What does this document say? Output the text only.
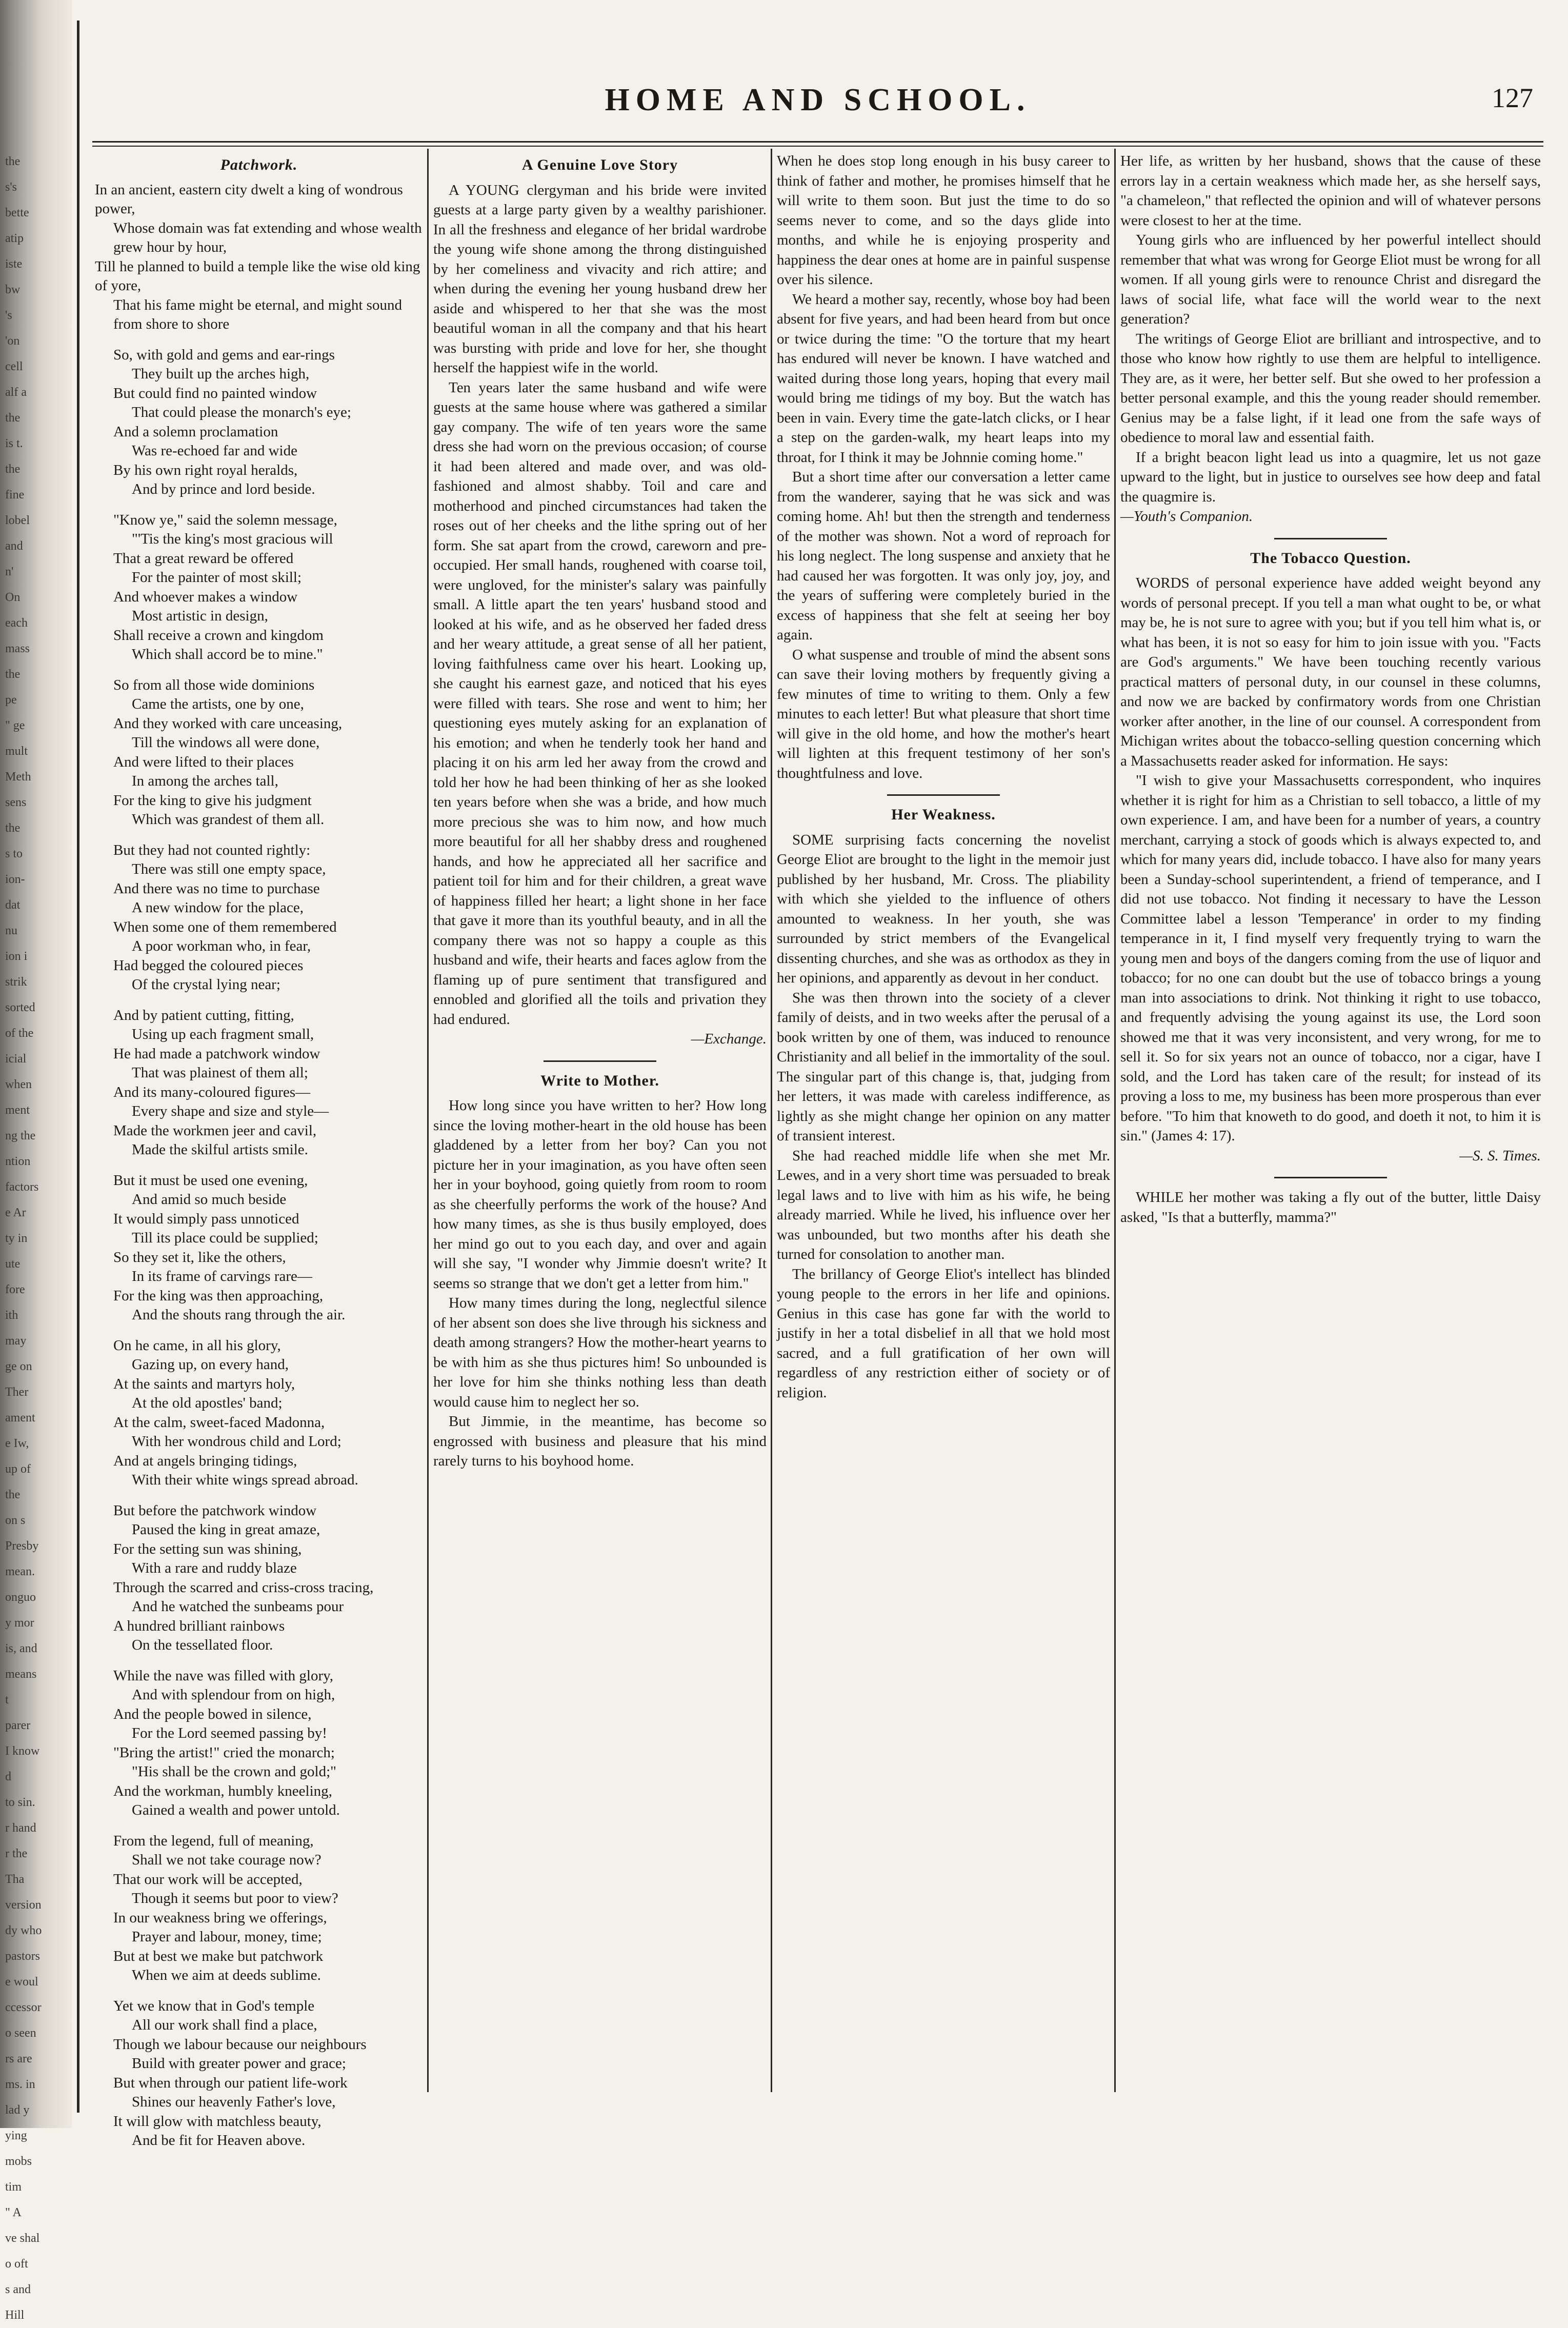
the
s's
bette
atip
iste
bw
's
'on
cell
alf a
the
is t.
the
fine
lobel
and
n'
On
each
mass
the
pe
" ge
mult
Meth
sens
the
s to
ion-
dat
nu
ion i
strik
sorted
of the
icial
when
ment
ng the
ntion
factors
e Ar
ty in
ute
fore
ith
may
ge on
Ther
ament
e Iw,
up of
the
on s
Presby
mean.
onguo
y mor
is, and
means
t
parer
I know
d
to sin.
r hand
r the
Tha
version
dy who
pastors
e woul
ccessor
o seen
rs are
ms. in
lad y
ying
mobs
tim
" A
ve shal
o oft
s and
Hill
HOME AND SCHOOL.	127
Patchwork.
In an ancient, eastern city dwelt a king of wondrous power,
Whose domain was fat extending and whose wealth grew hour by hour,
Till he planned to build a temple like the wise old king of yore,
That his fame might be eternal, and might sound from shore to shore
So, with gold and gems and ear-rings
They built up the arches high,
But could find no painted window
That could please the monarch's eye;
And a solemn proclamation
Was re-echoed far and wide
By his own right royal heralds,
And by prince and lord beside.
"Know ye," said the solemn message,
"'Tis the king's most gracious will
That a great reward be offered
For the painter of most skill;
And whoever makes a window
Most artistic in design,
Shall receive a crown and kingdom
Which shall accord be to mine."
So from all those wide dominions
Came the artists, one by one,
And they worked with care unceasing,
Till the windows all were done,
And were lifted to their places
In among the arches tall,
For the king to give his judgment
Which was grandest of them all.
But they had not counted rightly:
There was still one empty space,
And there was no time to purchase
A new window for the place,
When some one of them remembered
A poor workman who, in fear,
Had begged the coloured pieces
Of the crystal lying near;
And by patient cutting, fitting,
Using up each fragment small,
He had made a patchwork window
That was plainest of them all;
And its many-coloured figures—
Every shape and size and style—
Made the workmen jeer and cavil,
Made the skilful artists smile.
But it must be used one evening,
And amid so much beside
It would simply pass unnoticed
Till its place could be supplied;
So they set it, like the others,
In its frame of carvings rare—
For the king was then approaching,
And the shouts rang through the air.
On he came, in all his glory,
Gazing up, on every hand,
At the saints and martyrs holy,
At the old apostles' band;
At the calm, sweet-faced Madonna,
With her wondrous child and Lord;
And at angels bringing tidings,
With their white wings spread abroad.
But before the patchwork window
Paused the king in great amaze,
For the setting sun was shining,
With a rare and ruddy blaze
Through the scarred and criss-cross tracing,
And he watched the sunbeams pour
A hundred brilliant rainbows
On the tessellated floor.
While the nave was filled with glory,
And with splendour from on high,
And the people bowed in silence,
For the Lord seemed passing by!
"Bring the artist!" cried the monarch;
"His shall be the crown and gold;"
And the workman, humbly kneeling,
Gained a wealth and power untold.
From the legend, full of meaning,
Shall we not take courage now?
That our work will be accepted,
Though it seems but poor to view?
In our weakness bring we offerings,
Prayer and labour, money, time;
But at best we make but patchwork
When we aim at deeds sublime.
Yet we know that in God's temple
All our work shall find a place,
Though we labour because our neighbours
Build with greater power and grace;
But when through our patient life-work
Shines our heavenly Father's love,
It will glow with matchless beauty,
And be fit for Heaven above.
A Genuine Love Story

A YOUNG clergyman and his bride were invited guests at a large party given by a wealthy parishioner. In all the freshness and elegance of her bridal wardrobe the young wife shone among the throng distinguished by her comeliness and vivacity and rich attire; and when during the evening her young husband drew her aside and whispered to her that she was the most beautiful woman in all the company and that his heart was bursting with pride and love for her, she thought herself the happiest wife in the world.

Ten years later the same husband and wife were guests at the same house where was gathered a similar gay company. The wife of ten years wore the same dress she had worn on the previous occasion; of course it had been altered and made over, and was old-fashioned and almost shabby. Toil and care and motherhood and pinched circumstances had taken the roses out of her cheeks and the lithe spring out of her form. She sat apart from the crowd, careworn and pre-occupied. Her small hands, roughened with coarse toil, were ungloved, for the minister's salary was painfully small. A little apart the ten years' husband stood and looked at his wife, and as he observed her faded dress and her weary attitude, a great sense of all her patient, loving faithfulness came over his heart. Looking up, she caught his earnest gaze, and noticed that his eyes were filled with tears. She rose and went to him; her questioning eyes mutely asking for an explanation of his emotion; and when he tenderly took her hand and placing it on his arm led her away from the crowd and told her how he had been thinking of her as she looked ten years before when she was a bride, and how much more precious she was to him now, and how much more beautiful for all her shabby dress and roughened hands, and how he appreciated all her sacrifice and patient toil for him and for their children, a great wave of happiness filled her heart; a light shone in her face that gave it more than its youthful beauty, and in all the company there was not so happy a couple as this husband and wife, their hearts and faces aglow from the flaming up of pure sentiment that transfigured and ennobled and glorified all the toils and privation they had endured.

—Exchange.
Write to Mother.

How long since you have written to her? How long since the loving mother-heart in the old house has been gladdened by a letter from her boy? Can you not picture her in your imagination, as you have often seen her in your boyhood, going quietly from room to room as she cheerfully performs the work of the house? And how many times, as she is thus busily employed, does her mind go out to you each day, and over and again will she say, "I wonder why Jimmie doesn't write? It seems so strange that we don't get a letter from him."

How many times during the long, neglectful silence of her absent son does she live through his sickness and death among strangers? How the mother-heart yearns to be with him as she thus pictures him! So unbounded is her love for him she thinks nothing less than death would cause him to neglect her so.

But Jimmie, in the meantime, has become so engrossed with business and pleasure that his mind rarely turns to his boyhood home.

When he does stop long enough in his busy career to think of father and mother, he promises himself that he will write to them soon. But just the time to do so seems never to come, and so the days glide into months, and while he is enjoying prosperity and happiness the dear ones at home are in painful suspense over his silence.

We heard a mother say, recently, whose boy had been absent for five years, and had been heard from but once or twice during the time: "O the torture that my heart has endured will never be known. I have watched and waited during those long years, hoping that every mail would bring me tidings of my boy. But the watch has been in vain. Every time the gate-latch clicks, or I hear a step on the garden-walk, my heart leaps into my throat, for I think it may be Johnnie coming home."

But a short time after our conversation a letter came from the wanderer, saying that he was sick and was coming home. Ah! but then the strength and tenderness of the mother was shown. Not a word of reproach for his long neglect. The long suspense and anxiety that he had caused her was forgotten. It was only joy, joy, and the years of suffering were completely buried in the excess of happiness that she felt at seeing her boy again.

O what suspense and trouble of mind the absent sons can save their loving mothers by frequently giving a few minutes of time to writing to them. Only a few minutes to each letter! But what pleasure that short time will give in the old home, and how the mother's heart will lighten at this frequent testimony of her son's thoughtfulness and love.

Her Weakness.

SOME surprising facts concerning the novelist George Eliot are brought to the light in the memoir just published by her husband, Mr. Cross. The pliability with which she yielded to the influence of others amounted to weakness. In her youth, she was surrounded by strict members of the Evangelical dissenting churches, and she was as orthodox as they in her opinions, and apparently as devout in her conduct.

She was then thrown into the society of a clever family of deists, and in two weeks after the perusal of a book written by one of them, was induced to renounce Christianity and all belief in the immortality of the soul. The singular part of this change is, that, judging from her letters, it was made with careless indifference, as lightly as she might change her opinion on any matter of transient interest.

She had reached middle life when she met Mr. Lewes, and in a very short time was persuaded to break legal laws and to live with him as his wife, he being already married. While he lived, his influence over her was unbounded, but two months after his death she turned for consolation to another man.

The brillancy of George Eliot's intellect has blinded young people to the errors in her life and opinions. Genius in this case has gone far with the world to justify in her a total disbelief in all that we hold most sacred, and a full gratification of her own will regardless of any restriction either of society or of religion.

Her life, as written by her husband, shows that the cause of these errors lay in a certain weakness which made her, as she herself says, "a chameleon," that reflected the opinion and will of whatever persons were closest to her at the time.

Young girls who are influenced by her powerful intellect should remember that what was wrong for George Eliot must be wrong for all women. If all young girls were to renounce Christ and disregard the laws of social life, what face will the world wear to the next generation?

The writings of George Eliot are brilliant and introspective, and to those who know how rightly to use them are helpful to intelligence. They are, as it were, her better self. But she owed to her profession a better personal example, and this the young reader should remember. Genius may be a false light, if it lead one from the safe ways of obedience to moral law and essential faith.

If a bright beacon light lead us into a quagmire, let us not gaze upward to the light, but in justice to ourselves see how deep and fatal the quagmire is.

—Youth's Companion.
The Tobacco Question.

WORDS of personal experience have added weight beyond any words of personal precept. If you tell a man what ought to be, or what may be, he is not sure to agree with you; but if you tell him what is, or what has been, it is not so easy for him to join issue with you. "Facts are God's arguments." We have been touching recently various practical matters of personal duty, in our counsel in these columns, and now we are backed by confirmatory words from one Christian worker after another, in the line of our counsel. A correspondent from Michigan writes about the tobacco-selling question concerning which a Massachusetts reader asked for information. He says:

"I wish to give your Massachusetts correspondent, who inquires whether it is right for him as a Christian to sell tobacco, a little of my own experience. I am, and have been for a number of years, a country merchant, carrying a stock of goods which is always expected to, and which for many years did, include tobacco. I have also for many years been a Sunday-school superintendent, a friend of temperance, and I did not use tobacco. Not finding it necessary to have the Lesson Committee label a lesson 'Temperance' in order to my finding temperance in it, I find myself very frequently trying to warn the young men and boys of the dangers coming from the use of liquor and tobacco; for no one can doubt but the use of tobacco brings a young man into associations to drink. Not thinking it right to use tobacco, and frequently advising the young against its use, the Lord soon showed me that it was very inconsistent, and very wrong, for me to sell it. So for six years not an ounce of tobacco, nor a cigar, have I sold, and the Lord has taken care of the result; for instead of its proving a loss to me, my business has been more prosperous than ever before. "To him that knoweth to do good, and doeth it not, to him it is sin." (James 4: 17).

—S. S. Times.

WHILE her mother was taking a fly out of the butter, little Daisy asked, "Is that a butterfly, mamma?"
